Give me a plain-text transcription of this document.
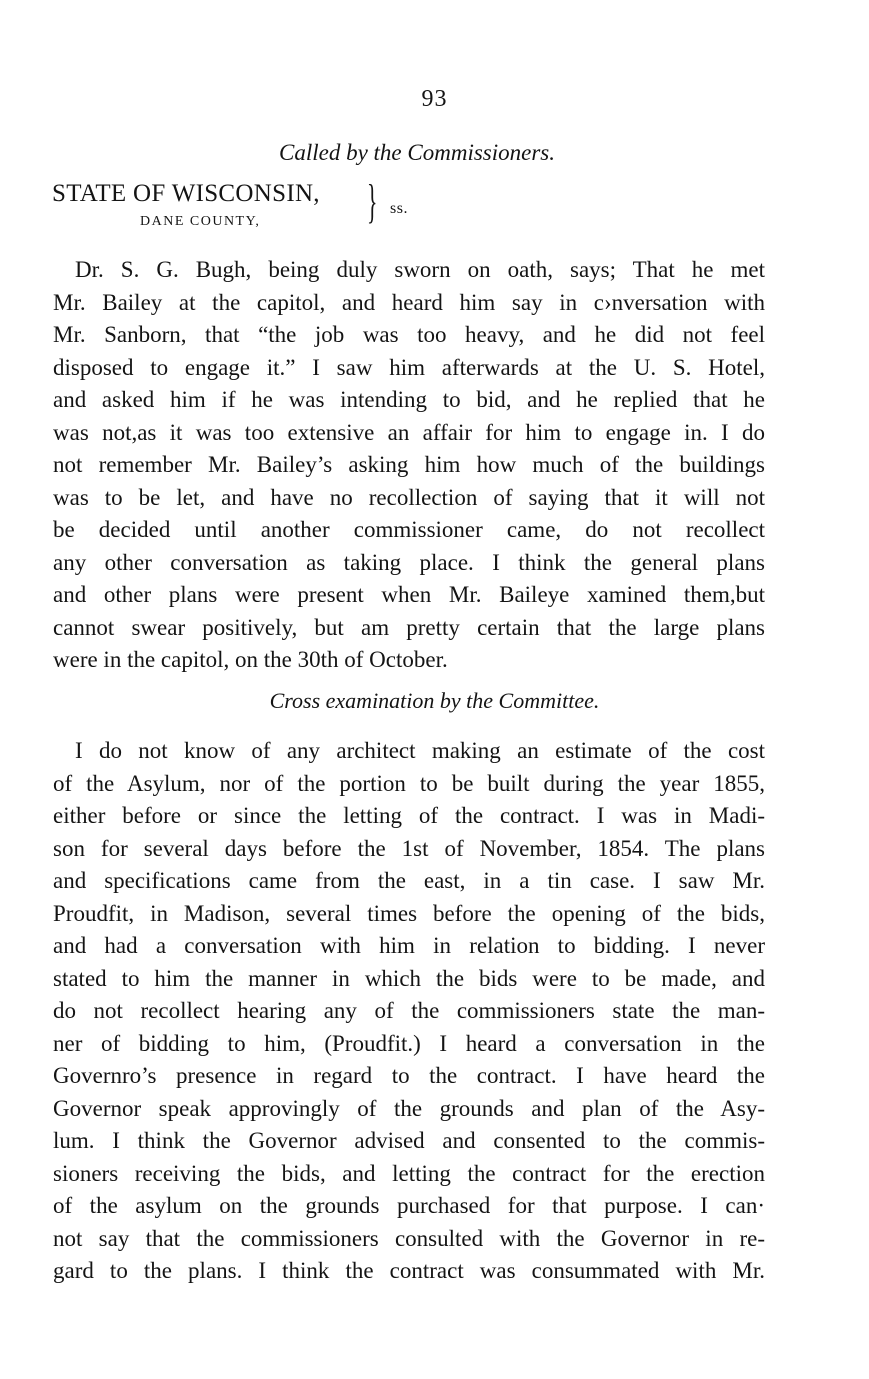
93
Called by the Commissioners.
STATE OF WISCONSIN,
DANE COUNTY, } ss.
Dr. S. G. Bugh, being duly sworn on oath, says; That he met
Mr. Bailey at the capitol, and heard him say in c›nversation with
Mr. Sanborn, that “the job was too heavy, and he did not feel
disposed to engage it.” I saw him afterwards at the U. S. Hotel,
and asked him if he was intending to bid, and he replied that he
was not,as it was too extensive an affair for him to engage in. I do
not remember Mr. Bailey’s asking him how much of the buildings
was to be let, and have no recollection of saying that it will not
be decided until another commissioner came, do not recollect
any other conversation as taking place. I think the general plans
and other plans were present when Mr. Baileye xamined them,but
cannot swear positively, but am pretty certain that the large plans
were in the capitol, on the 30th of October.
Cross examination by the Committee.
I do not know of any architect making an estimate of the cost
of the Asylum, nor of the portion to be built during the year 1855,
either before or since the letting of the contract. I was in Madi-
son for several days before the 1st of November, 1854. The plans
and specifications came from the east, in a tin case. I saw Mr.
Proudfit, in Madison, several times before the opening of the bids,
and had a conversation with him in relation to bidding. I never
stated to him the manner in which the bids were to be made, and
do not recollect hearing any of the commissioners state the man-
ner of bidding to him, (Proudfit.) I heard a conversation in the
Governro’s presence in regard to the contract. I have heard the
Governor speak approvingly of the grounds and plan of the Asy-
lum. I think the Governor advised and consented to the commis-
sioners receiving the bids, and letting the contract for the erection
of the asylum on the grounds purchased for that purpose. I can·
not say that the commissioners consulted with the Governor in re-
gard to the plans. I think the contract was consummated with Mr.
